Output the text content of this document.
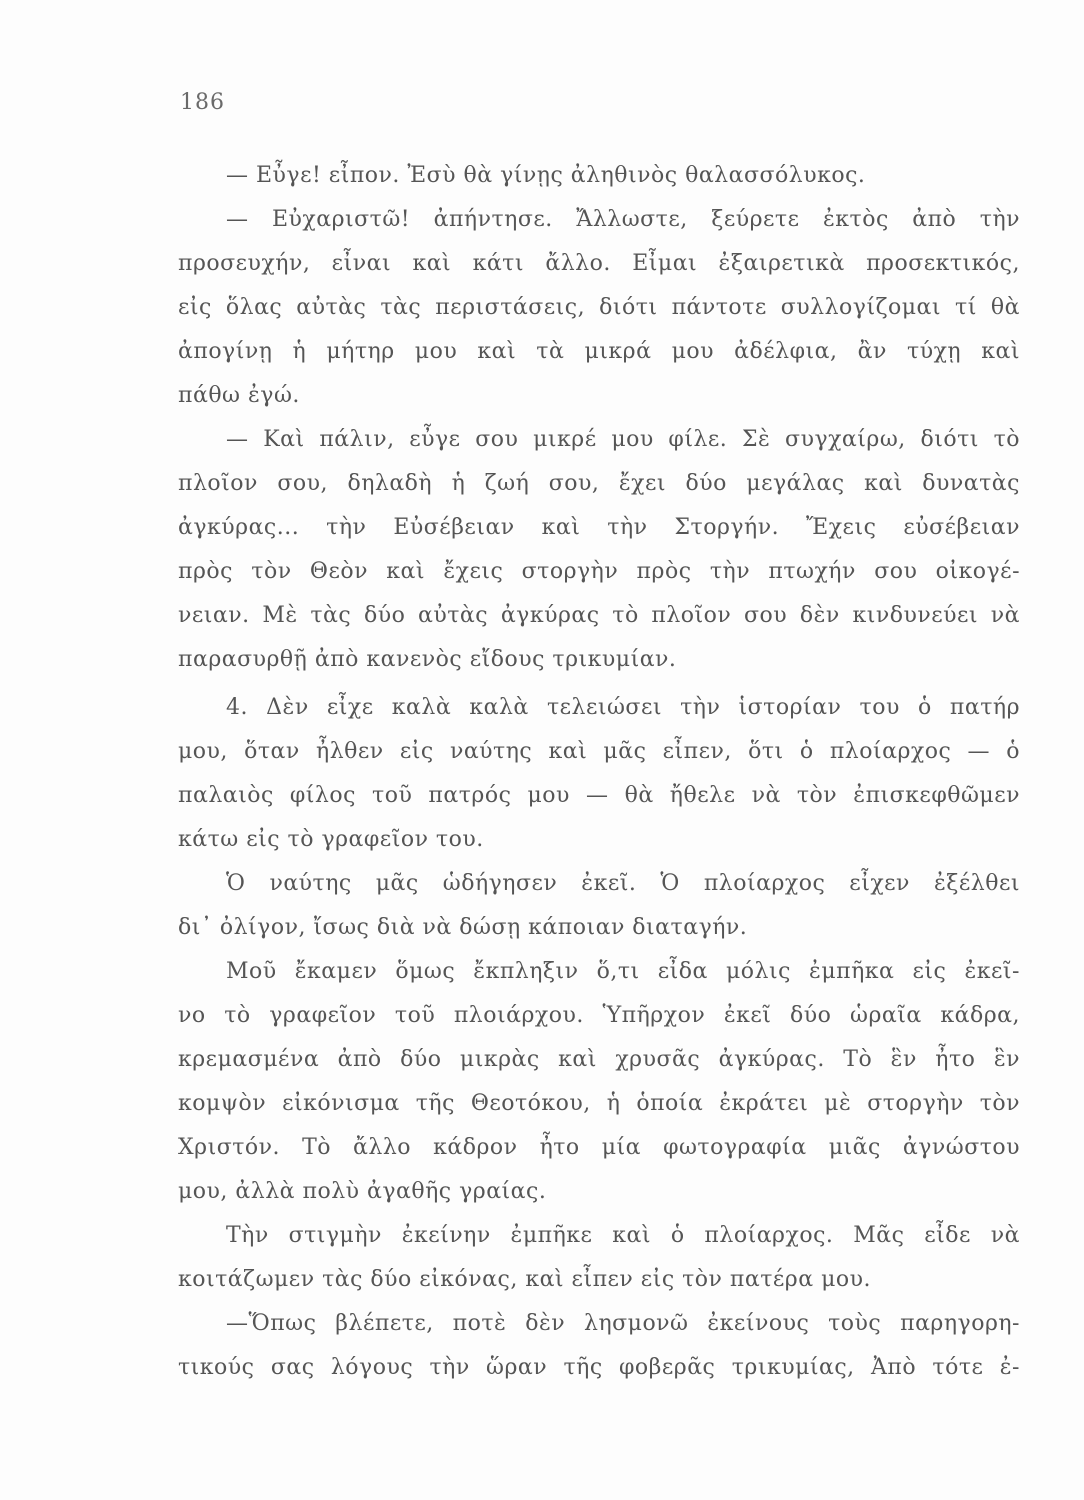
186
— Εὖγε! εἶπον. Ἐσὺ θὰ γίνῃς ἀληθινὸς θαλασσόλυκος.
— Εὐχαριστῶ! ἀπήντησε. Ἄλλωστε, ξεύρετε ἐκτὸς ἀπὸ τὴν
προσευχήν, εἶναι καὶ κάτι ἄλλο. Εἶμαι ἐξαιρετικὰ προσεκτικός,
εἰς ὅλας αὐτὰς τὰς περιστάσεις, διότι πάντοτε συλλογίζομαι τί θὰ
ἀπογίνῃ ἡ μήτηρ μου καὶ τὰ μικρά μου ἀδέλφια, ἂν τύχῃ καὶ
πάθω ἐγώ.
— Καὶ πάλιν, εὖγε σου μικρέ μου φίλε. Σὲ συγχαίρω, διότι τὸ
πλοῖον σου, δηλαδὴ ἡ ζωή σου, ἔχει δύο μεγάλας καὶ δυνατὰς
ἀγκύρας... τὴν Εὐσέβειαν καὶ τὴν Στοργήν. Ἔχεις εὐσέβειαν
πρὸς τὸν Θεὸν καὶ ἔχεις στοργὴν πρὸς τὴν πτωχήν σου οἰκογέ-
νειαν. Μὲ τὰς δύο αὐτὰς ἀγκύρας τὸ πλοῖον σου δὲν κινδυνεύει νὰ
παρασυρθῇ ἀπὸ κανενὸς εἴδους τρικυμίαν.
4. Δὲν εἶχε καλὰ καλὰ τελειώσει τὴν ἱστορίαν του ὁ πατήρ
μου, ὅταν ἦλθεν εἰς ναύτης καὶ μᾶς εἶπεν, ὅτι ὁ πλοίαρχος — ὁ
παλαιὸς φίλος τοῦ πατρός μου — θὰ ἤθελε νὰ τὸν ἐπισκεφθῶμεν
κάτω εἰς τὸ γραφεῖον του.
Ὁ ναύτης μᾶς ὡδήγησεν ἐκεῖ. Ὁ πλοίαρχος εἶχεν ἐξέλθει
δι᾽ ὀλίγον, ἴσως διὰ νὰ δώσῃ κάποιαν διαταγήν.
Μοῦ ἔκαμεν ὅμως ἔκπληξιν ὅ,τι εἶδα μόλις ἐμπῆκα εἰς ἐκεῖ-
νο τὸ γραφεῖον τοῦ πλοιάρχου. Ὑπῆρχον ἐκεῖ δύο ὡραῖα κάδρα,
κρεμασμένα ἀπὸ δύο μικρὰς καὶ χρυσᾶς ἀγκύρας. Τὸ ἓν ἦτο ἓν
κομψὸν εἰκόνισμα τῆς Θεοτόκου, ἡ ὁποία ἐκράτει μὲ στοργὴν τὸν
Χριστόν. Τὸ ἄλλο κάδρον ἦτο μία φωτογραφία μιᾶς ἀγνώστου
μου, ἀλλὰ πολὺ ἀγαθῆς γραίας.
Τὴν στιγμὴν ἐκείνην ἐμπῆκε καὶ ὁ πλοίαρχος. Μᾶς εἶδε νὰ
κοιτάζωμεν τὰς δύο εἰκόνας, καὶ εἶπεν εἰς τὸν πατέρα μου.
—Ὅπως βλέπετε, ποτὲ δὲν λησμονῶ ἐκείνους τοὺς παρηγορη-
τικούς σας λόγους τὴν ὥραν τῆς φοβερᾶς τρικυμίας, Ἀπὸ τότε ἐ-
